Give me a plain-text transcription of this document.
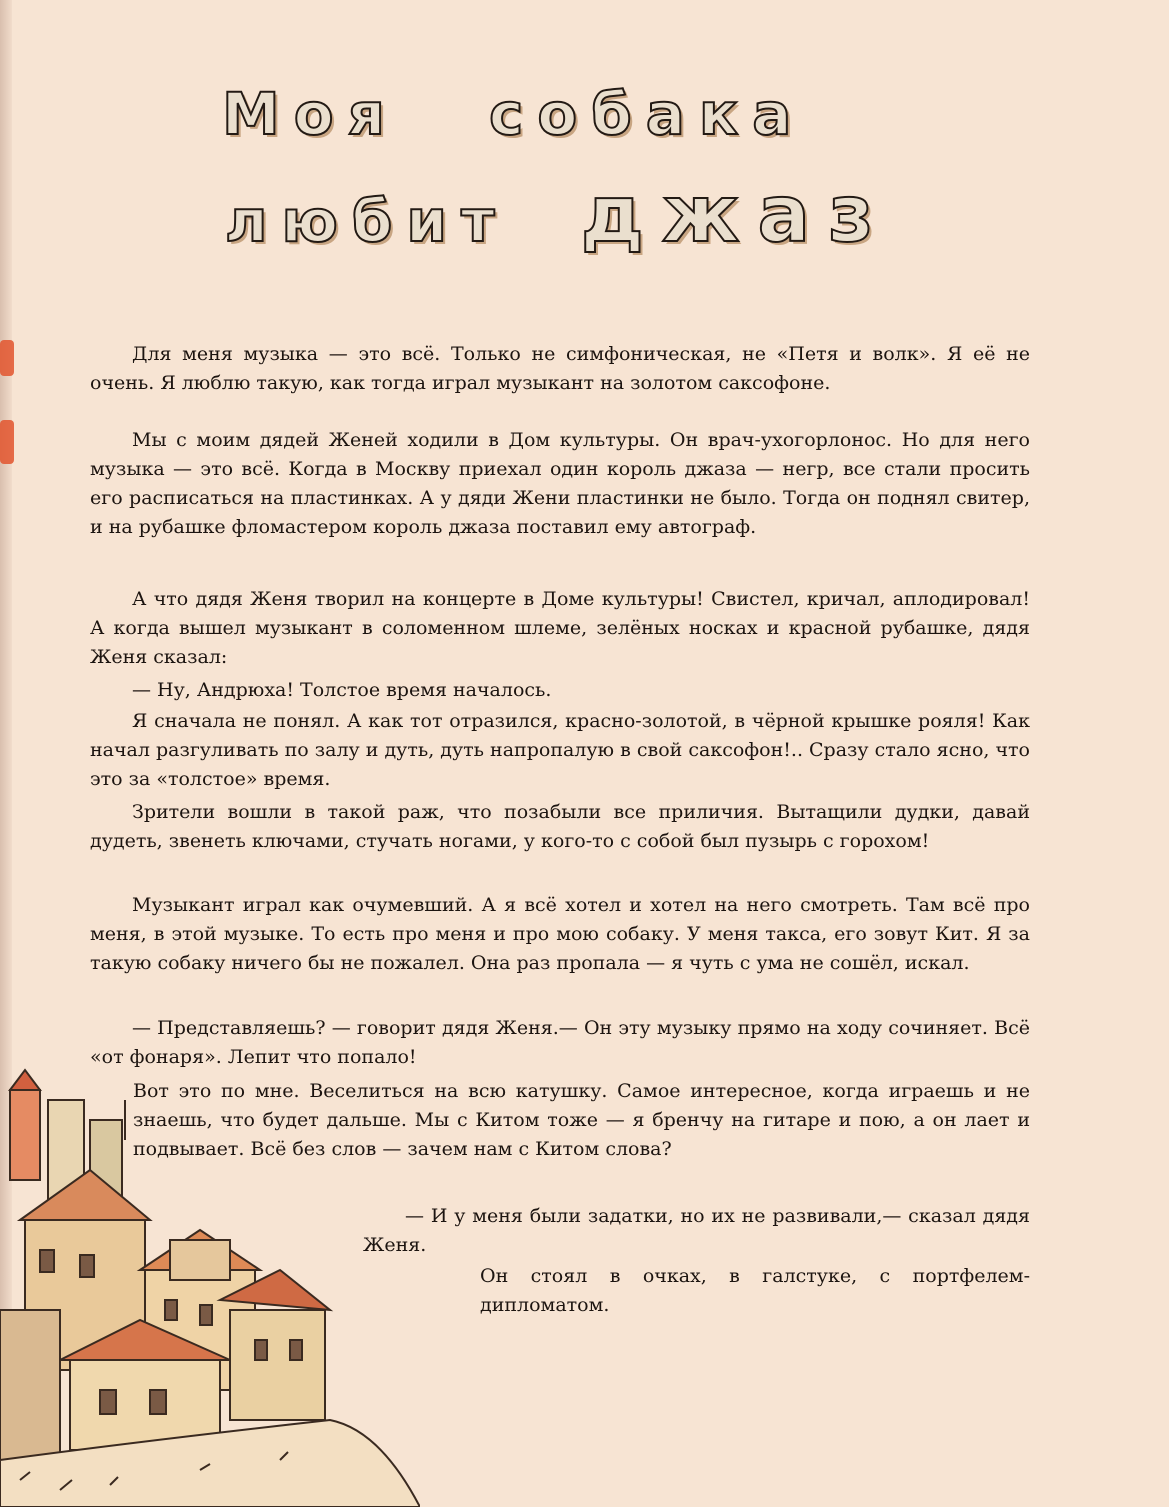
Моя собака
любит джаз

Для меня музыка — это всё. Только не симфоническая, не «Петя и волк». Я её не очень. Я люблю такую, как тогда играл музыкант на золотом саксофоне.

Мы с моим дядей Женей ходили в Дом культуры. Он врач-ухогорлонос. Но для него музыка — это всё. Когда в Москву приехал один король джаза — негр, все стали просить его расписаться на пластинках. А у дяди Жени пластинки не было. Тогда он поднял свитер, и на рубашке фломастером король джаза поставил ему автограф.

А что дядя Женя творил на концерте в Доме культуры! Свистел, кричал, аплодировал! А когда вышел музыкант в соломенном шлеме, зелёных носках и красной рубашке, дядя Женя сказал:

— Ну, Андрюха! Толстое время началось.

Я сначала не понял. А как тот отразился, красно-золотой, в чёрной крышке рояля! Как начал разгуливать по залу и дуть, дуть напропалую в свой саксофон!.. Сразу стало ясно, что это за «толстое» время.

Зрители вошли в такой раж, что позабыли все приличия. Вытащили дудки, давай дудеть, звенеть ключами, стучать ногами, у кого-то с собой был пузырь с горохом!

Музыкант играл как очумевший. А я всё хотел и хотел на него смотреть. Там всё про меня, в этой музыке. То есть про меня и про мою собаку. У меня такса, его зовут Кит. Я за такую собаку ничего бы не пожалел. Она раз пропала — я чуть с ума не сошёл, искал.

— Представляешь? — говорит дядя Женя.— Он эту музыку прямо на ходу сочиняет. Всё «от фонаря». Лепит что попало!

Вот это по мне. Веселиться на всю катушку. Самое интересное, когда играешь и не знаешь, что будет дальше. Мы с Китом тоже — я бренчу на гитаре и пою, а он лает и подвывает. Всё без слов — зачем нам с Китом слова?

— И у меня были задатки, но их не развивали,— сказал дядя Женя.

Он стоял в очках, в галстуке, с портфелем-дипломатом.
